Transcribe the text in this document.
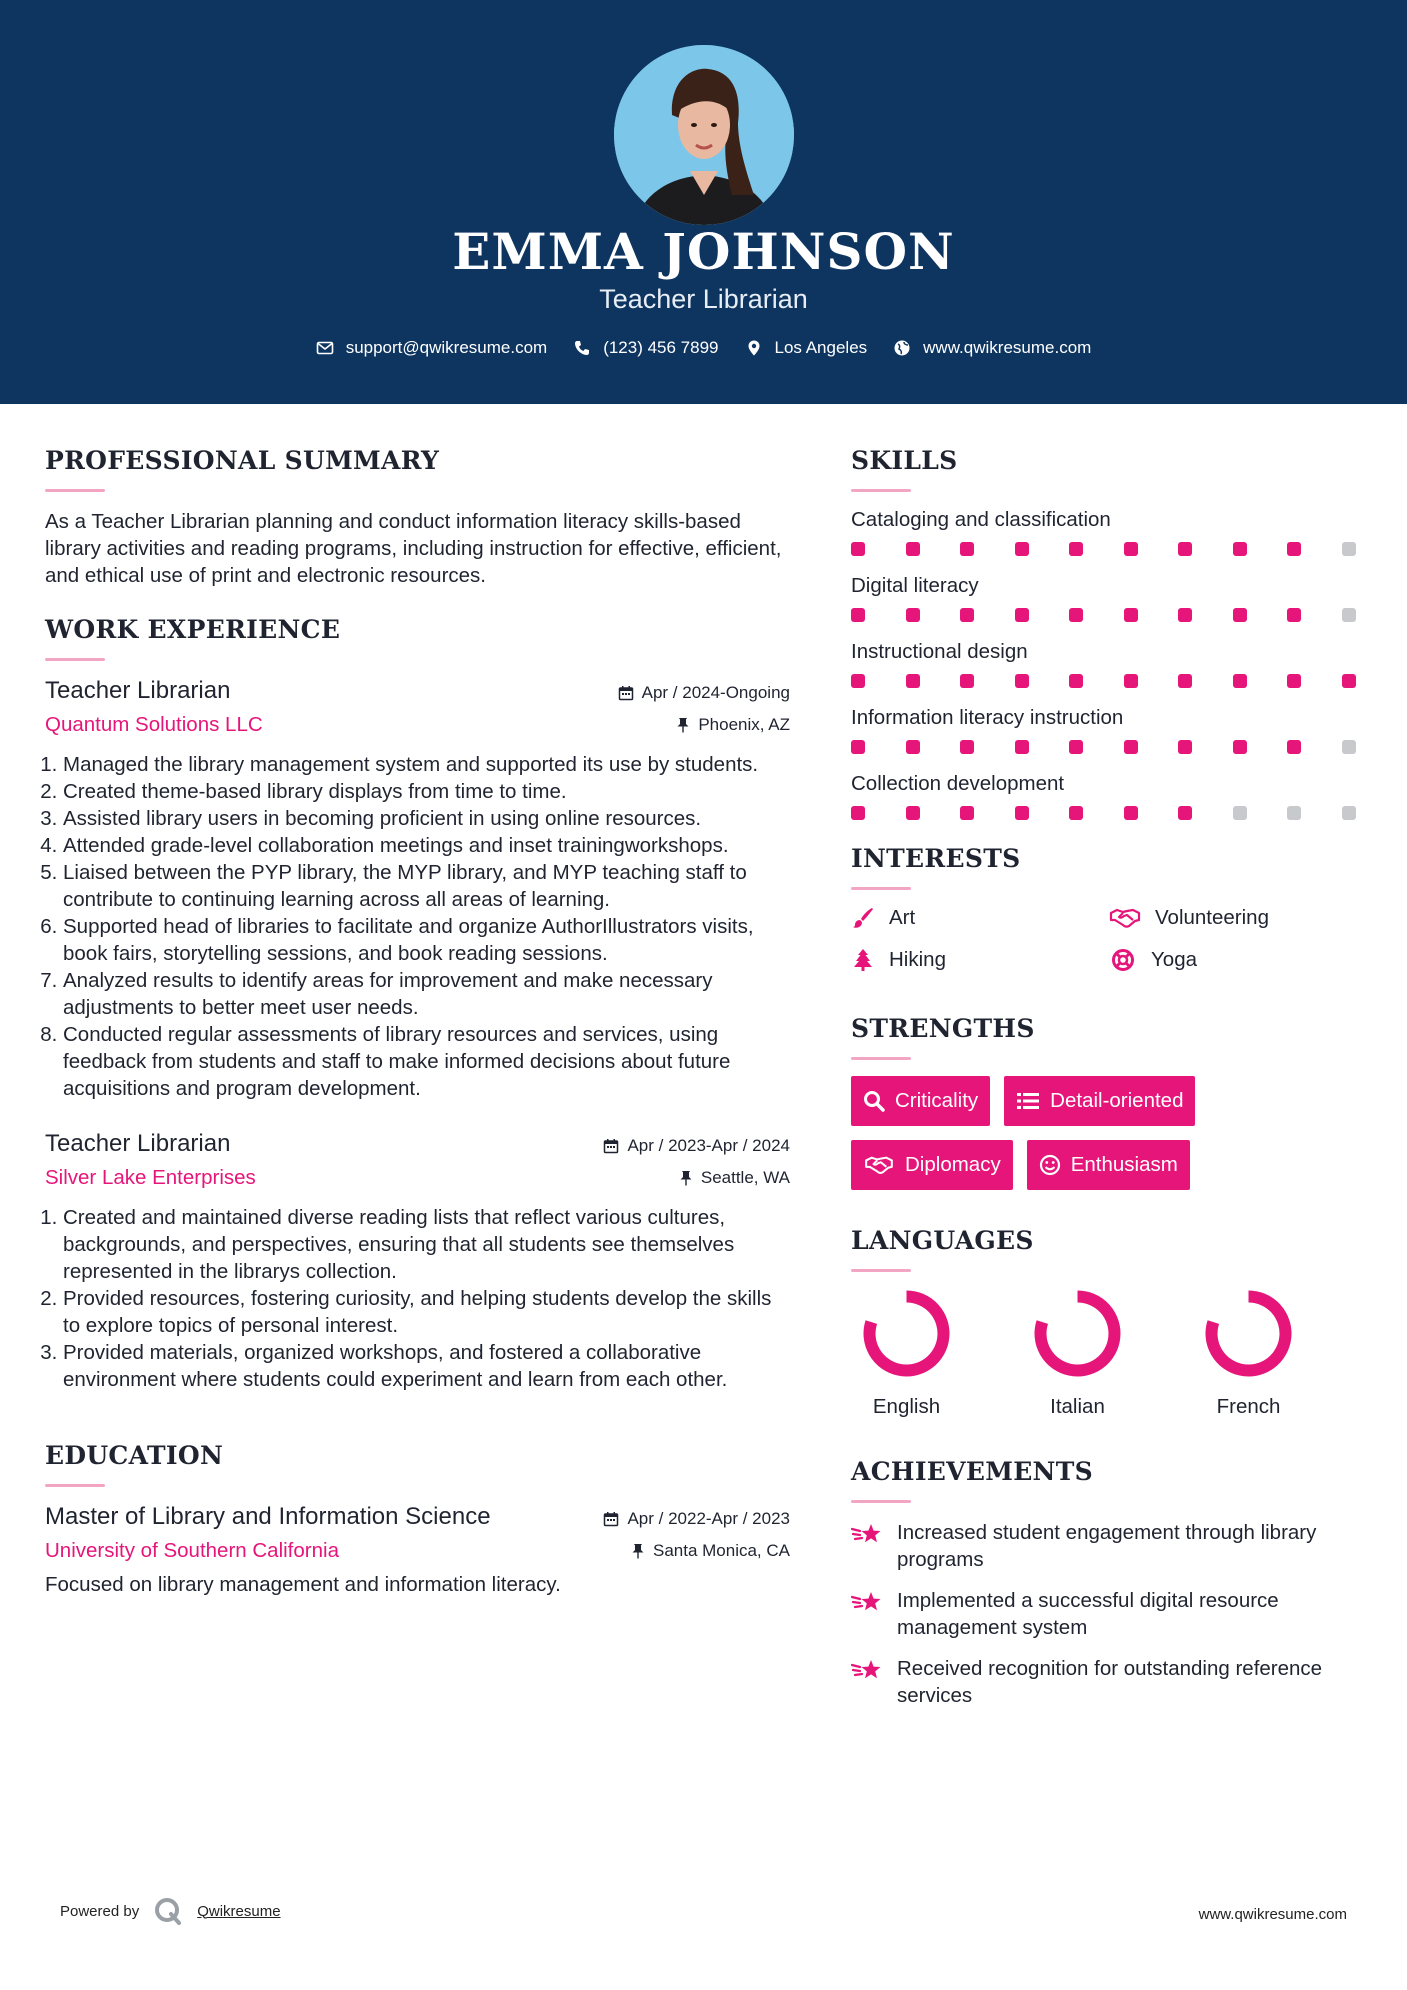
EMMA JOHNSON
Teacher Librarian
support@qwikresume.com	(123) 456 7899	Los Angeles	www.qwikresume.com
PROFESSIONAL SUMMARY

As a Teacher Librarian planning and conduct information literacy skills-based library activities and reading programs, including instruction for effective, efficient, and ethical use of print and electronic resources.

WORK EXPERIENCE
Teacher Librarian
Quantum Solutions LLC
Apr / 2024-Ongoing
Phoenix, AZ
1. Managed the library management system and supported its use by students.
2. Created theme-based library displays from time to time.
3. Assisted library users in becoming proficient in using online resources.
4. Attended grade-level collaboration meetings and inset trainingworkshops.
5. Liaised between the PYP library, the MYP library, and MYP teaching staff to contribute to continuing learning across all areas of learning.
6. Supported head of libraries to facilitate and organize AuthorIllustrators visits, book fairs, storytelling sessions, and book reading sessions.
7. Analyzed results to identify areas for improvement and make necessary adjustments to better meet user needs.
8. Conducted regular assessments of library resources and services, using feedback from students and staff to make informed decisions about future acquisitions and program development.
Teacher Librarian
Silver Lake Enterprises
Apr / 2023-Apr / 2024
Seattle, WA
1. Created and maintained diverse reading lists that reflect various cultures, backgrounds, and perspectives, ensuring that all students see themselves represented in the librarys collection.
2. Provided resources, fostering curiosity, and helping students develop the skills to explore topics of personal interest.
3. Provided materials, organized workshops, and fostered a collaborative environment where students could experiment and learn from each other.
EDUCATION
Master of Library and Information Science
University of Southern California
Apr / 2022-Apr / 2023
Santa Monica, CA

Focused on library management and information literacy.

SKILLS
Cataloging and classification
Digital literacy
Instructional design
Information literacy instruction
Collection development
INTERESTS
Art	Volunteering
Hiking	Yoga
STRENGTHS
Criticality	Detail-oriented
Diplomacy	Enthusiasm
LANGUAGES
English	Italian	French
ACHIEVEMENTS
Increased student engagement through library programs
Implemented a successful digital resource management system
Received recognition for outstanding reference services
Powered by	Qwikresume	www.qwikresume.com
